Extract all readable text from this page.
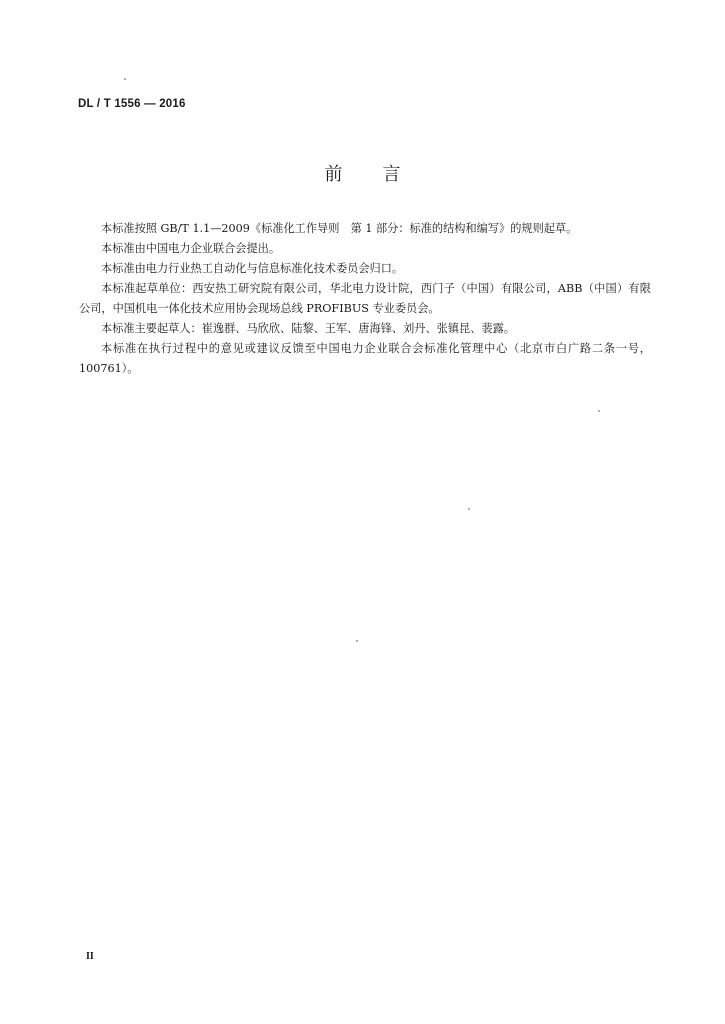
DL / T 1556 — 2016
前言

本标准按照 GB/T 1.1—2009《标准化工作导则　第 1 部分：标准的结构和编写》的规则起草。

本标准由中国电力企业联合会提出。

本标准由电力行业热工自动化与信息标准化技术委员会归口。

本标准起草单位：西安热工研究院有限公司，华北电力设计院，西门子（中国）有限公司，ABB（中国）有限公司，中国机电一体化技术应用协会现场总线 PROFIBUS 专业委员会。

本标准主要起草人：崔逸群、马欣欣、陆黎、王军、唐海锋、刘丹、张镇昆、裴露。

本标准在执行过程中的意见或建议反馈至中国电力企业联合会标准化管理中心（北京市白广路二条一号，100761）。

II
